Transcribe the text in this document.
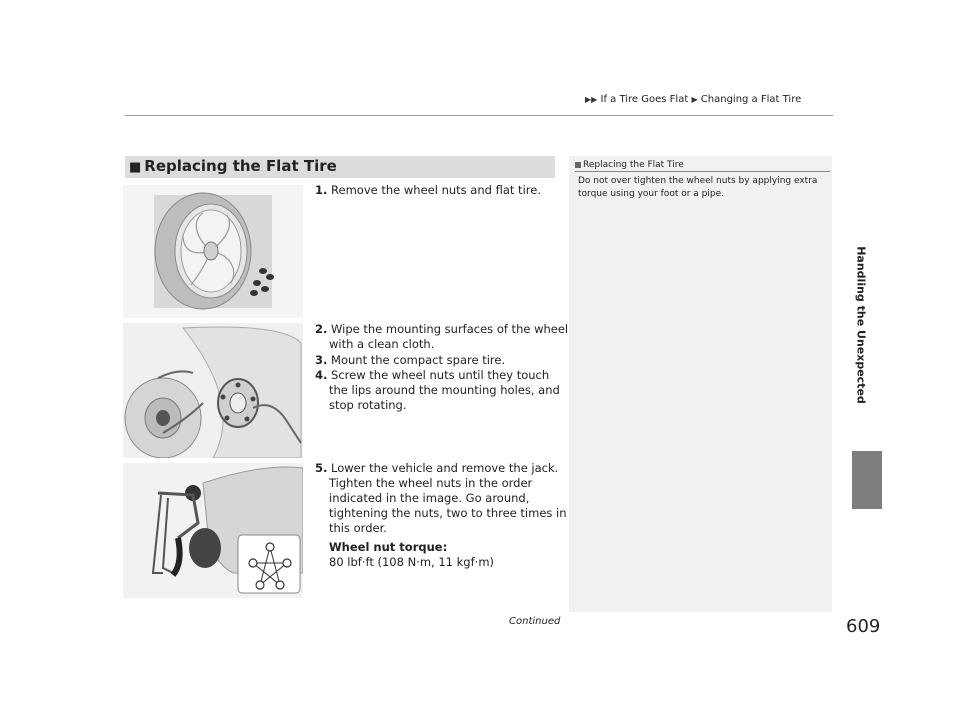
▶▶ If a Tire Goes Flat ▶ Changing a Flat Tire
Handling the Unexpected
■ Replacing the Flat Tire	Replacing the Flat Tire
Do not over tighten the wheel nuts by applying extra torque using your foot or a pipe.
1. Remove the wheel nuts and flat tire.
2. Wipe the mounting surfaces of the wheel with a clean cloth.
3. Mount the compact spare tire.
4. Screw the wheel nuts until they touch the lips around the mounting holes, and stop rotating.
5. Lower the vehicle and remove the jack. Tighten the wheel nuts in the order indicated in the image. Go around, tightening the nuts, two to three times in this order.
Wheel nut torque:
80 lbf·ft (108 N·m, 11 kgf·m)
Continued	609
